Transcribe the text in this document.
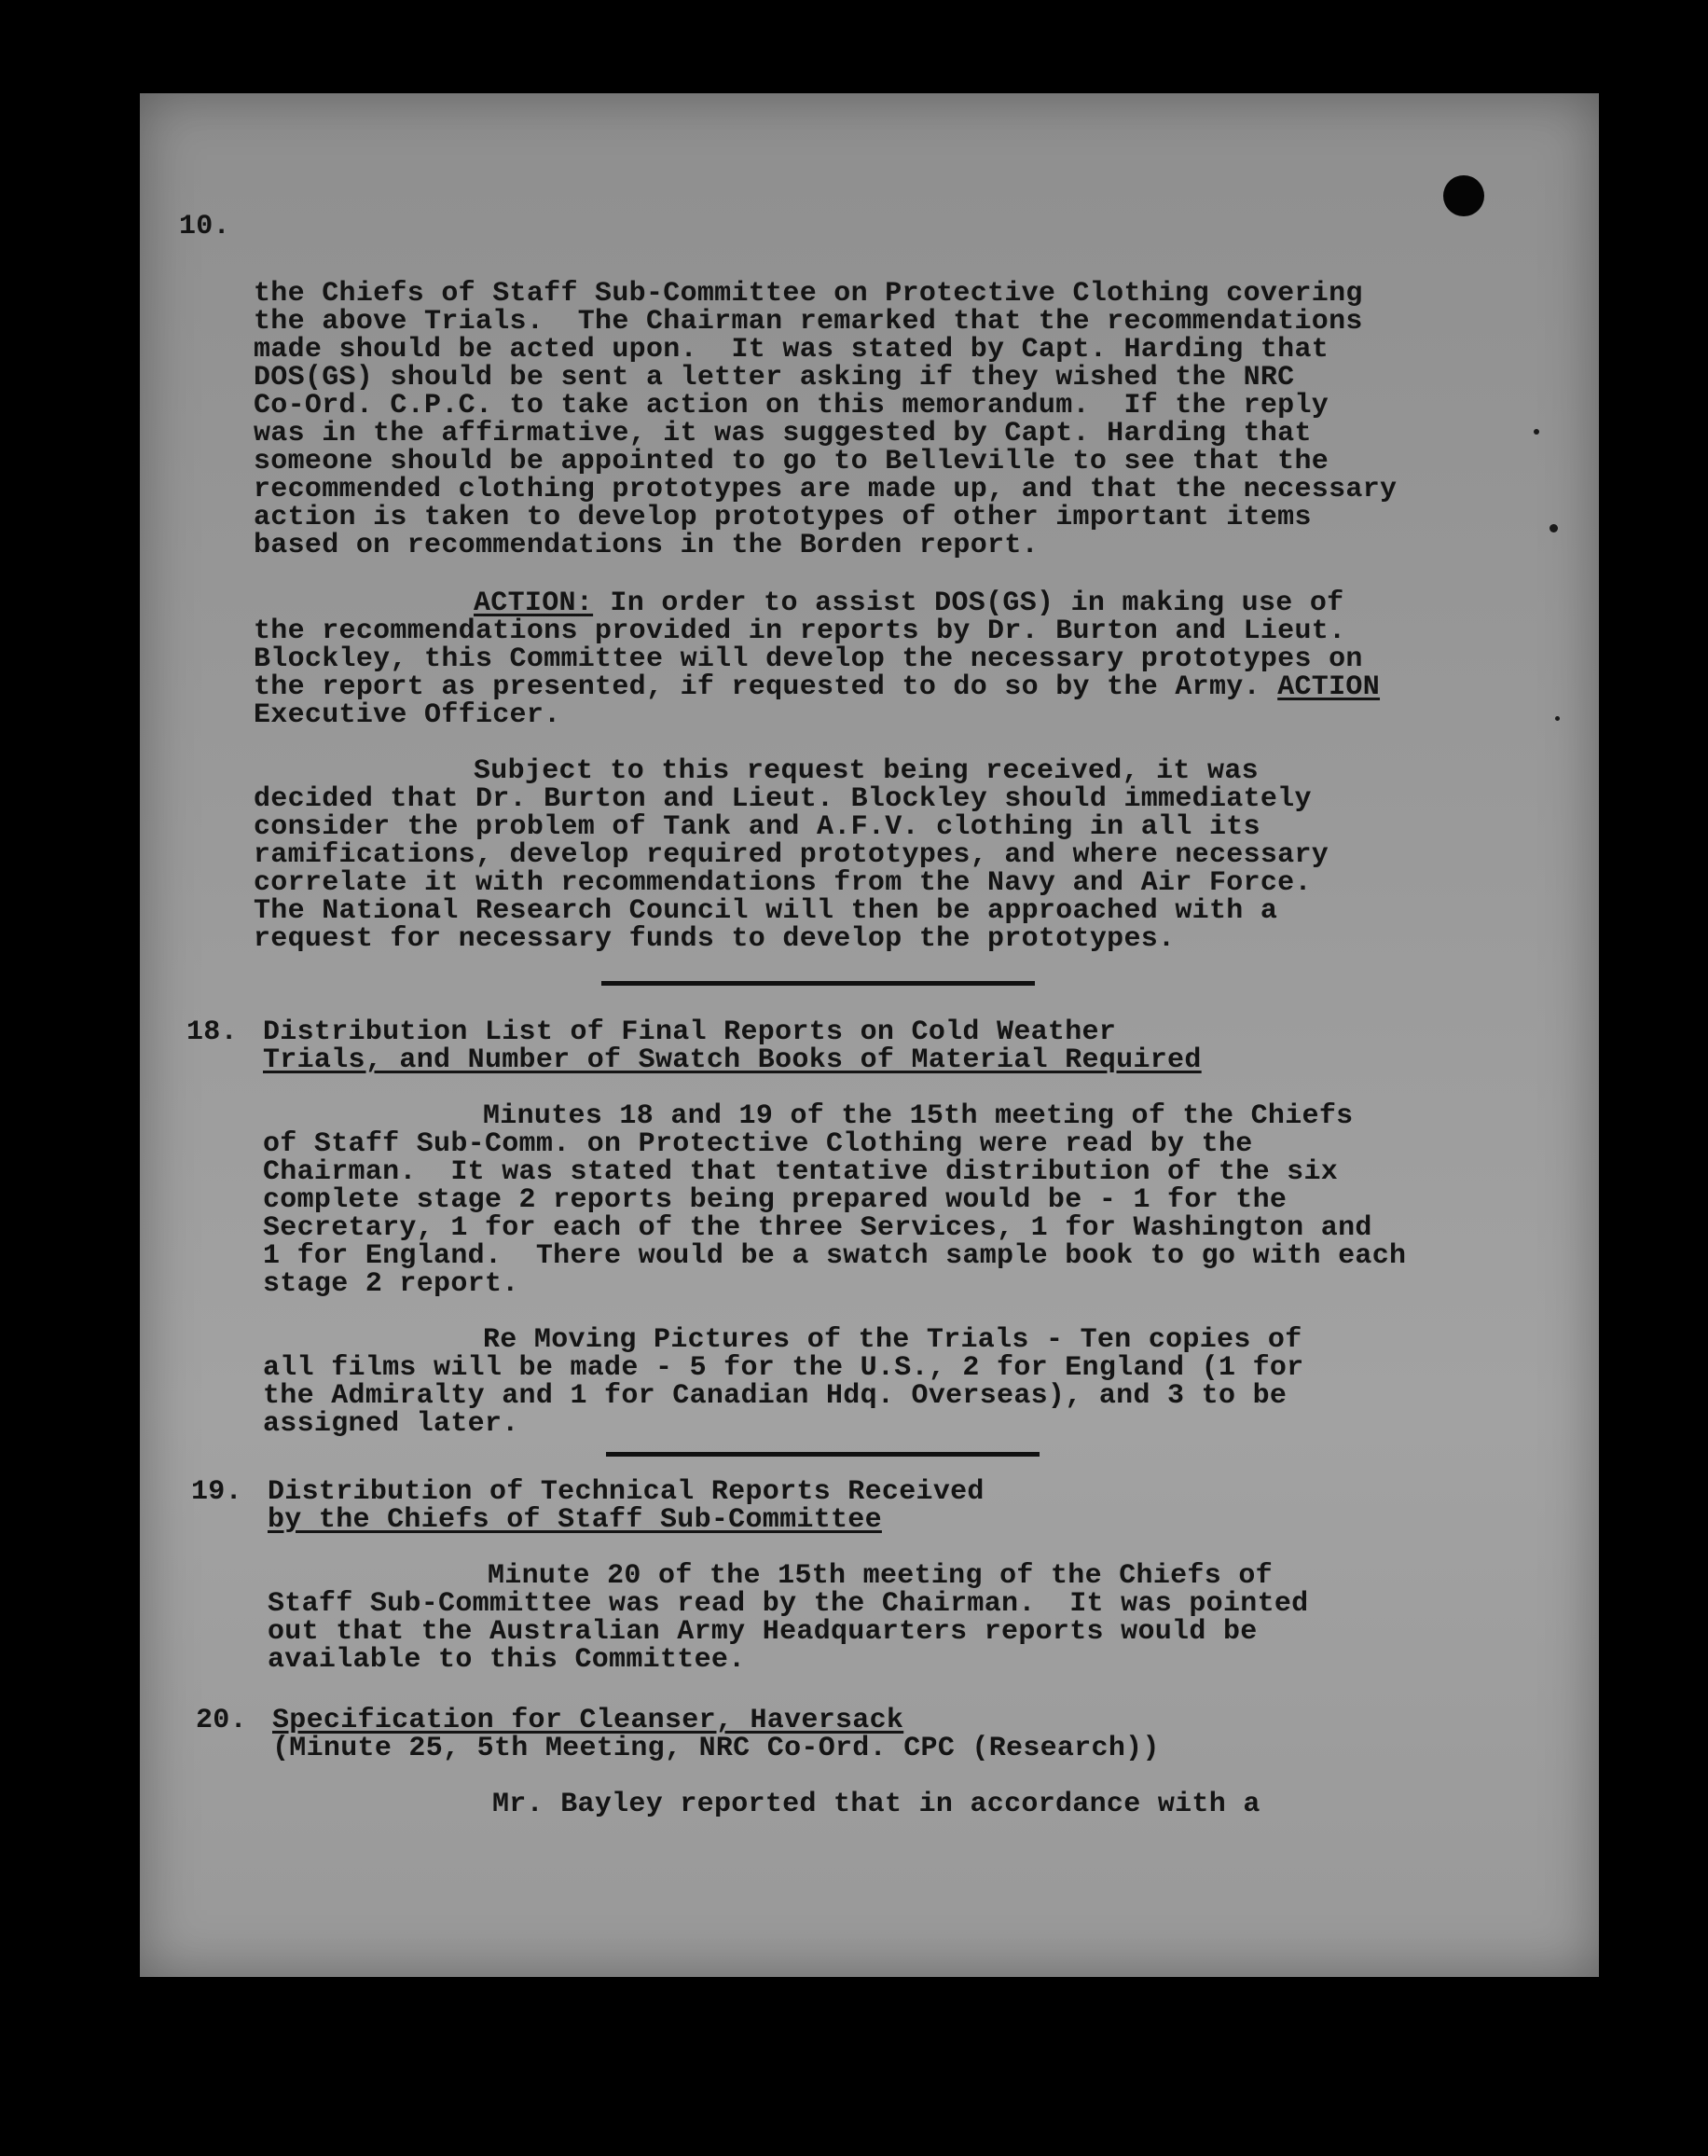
10.
the Chiefs of Staff Sub-Committee on Protective Clothing covering
the above Trials.  The Chairman remarked that the recommendations
made should be acted upon.  It was stated by Capt. Harding that
DOS(GS) should be sent a letter asking if they wished the NRC
Co-Ord. C.P.C. to take action on this memorandum.  If the reply
was in the affirmative, it was suggested by Capt. Harding that
someone should be appointed to go to Belleville to see that the
recommended clothing prototypes are made up, and that the necessary
action is taken to develop prototypes of other important items
based on recommendations in the Borden report.
ACTION: In order to assist DOS(GS) in making use of
the recommendations provided in reports by Dr. Burton and Lieut.
Blockley, this Committee will develop the necessary prototypes on
the report as presented, if requested to do so by the Army. ACTION
Executive Officer.
Subject to this request being received, it was
decided that Dr. Burton and Lieut. Blockley should immediately
consider the problem of Tank and A.F.V. clothing in all its
ramifications, develop required prototypes, and where necessary
correlate it with recommendations from the Navy and Air Force.
The National Research Council will then be approached with a
request for necessary funds to develop the prototypes.
18. Distribution List of Final Reports on Cold Weather
Trials, and Number of Swatch Books of Material Required
Minutes 18 and 19 of the 15th meeting of the Chiefs
of Staff Sub-Comm. on Protective Clothing were read by the
Chairman.  It was stated that tentative distribution of the six
complete stage 2 reports being prepared would be - 1 for the
Secretary, 1 for each of the three Services, 1 for Washington and
1 for England.  There would be a swatch sample book to go with each
stage 2 report.
Re Moving Pictures of the Trials - Ten copies of
all films will be made - 5 for the U.S., 2 for England (1 for
the Admiralty and 1 for Canadian Hdq. Overseas), and 3 to be
assigned later.
19. Distribution of Technical Reports Received
by the Chiefs of Staff Sub-Committee
Minute 20 of the 15th meeting of the Chiefs of
Staff Sub-Committee was read by the Chairman.  It was pointed
out that the Australian Army Headquarters reports would be
available to this Committee.
20. Specification for Cleanser, Haversack
(Minute 25, 5th Meeting, NRC Co-Ord. CPC (Research))
Mr. Bayley reported that in accordance with a
